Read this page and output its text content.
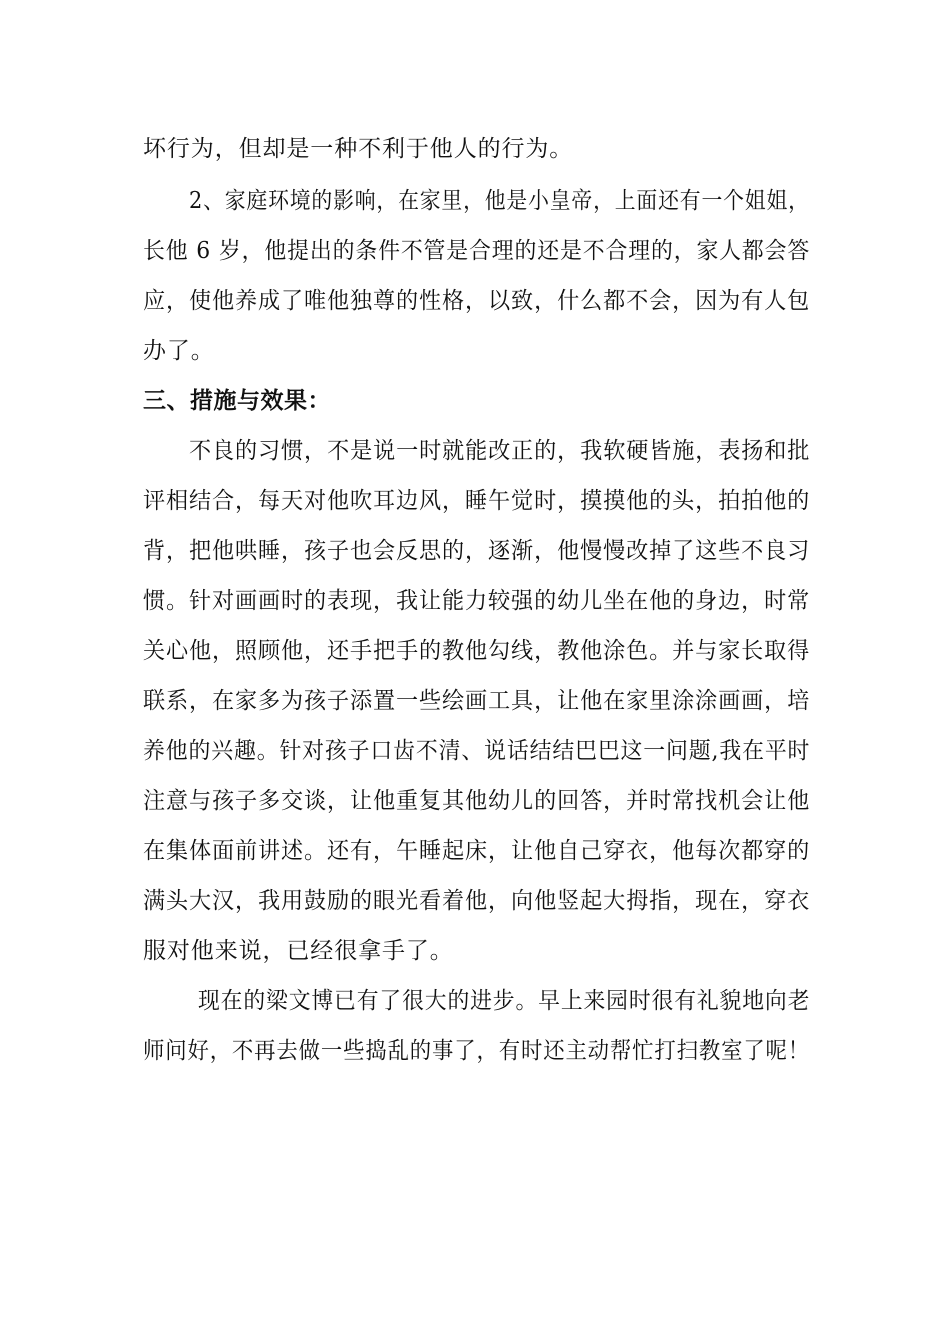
坏行为，但却是一种不利于他人的行为。
2、家庭环境的影响，在家里，他是小皇帝，上面还有一个姐姐，
长他 6 岁，他提出的条件不管是合理的还是不合理的，家人都会答
应，使他养成了唯他独尊的性格，以致，什么都不会，因为有人包
办了。
三、措施与效果：
不良的习惯，不是说一时就能改正的，我软硬皆施，表扬和批
评相结合，每天对他吹耳边风，睡午觉时，摸摸他的头，拍拍他的
背，把他哄睡，孩子也会反思的，逐渐，他慢慢改掉了这些不良习
惯。针对画画时的表现，我让能力较强的幼儿坐在他的身边，时常
关心他，照顾他，还手把手的教他勾线，教他涂色。并与家长取得
联系，在家多为孩子添置一些绘画工具，让他在家里涂涂画画，培
养他的兴趣。针对孩子口齿不清、说话结结巴巴这一问题,我在平时
注意与孩子多交谈，让他重复其他幼儿的回答，并时常找机会让他
在集体面前讲述。还有，午睡起床，让他自己穿衣，他每次都穿的
满头大汉，我用鼓励的眼光看着他，向他竖起大拇指，现在，穿衣
服对他来说，已经很拿手了。
现在的梁文博已有了很大的进步。早上来园时很有礼貌地向老
师问好，不再去做一些捣乱的事了，有时还主动帮忙打扫教室了呢！
